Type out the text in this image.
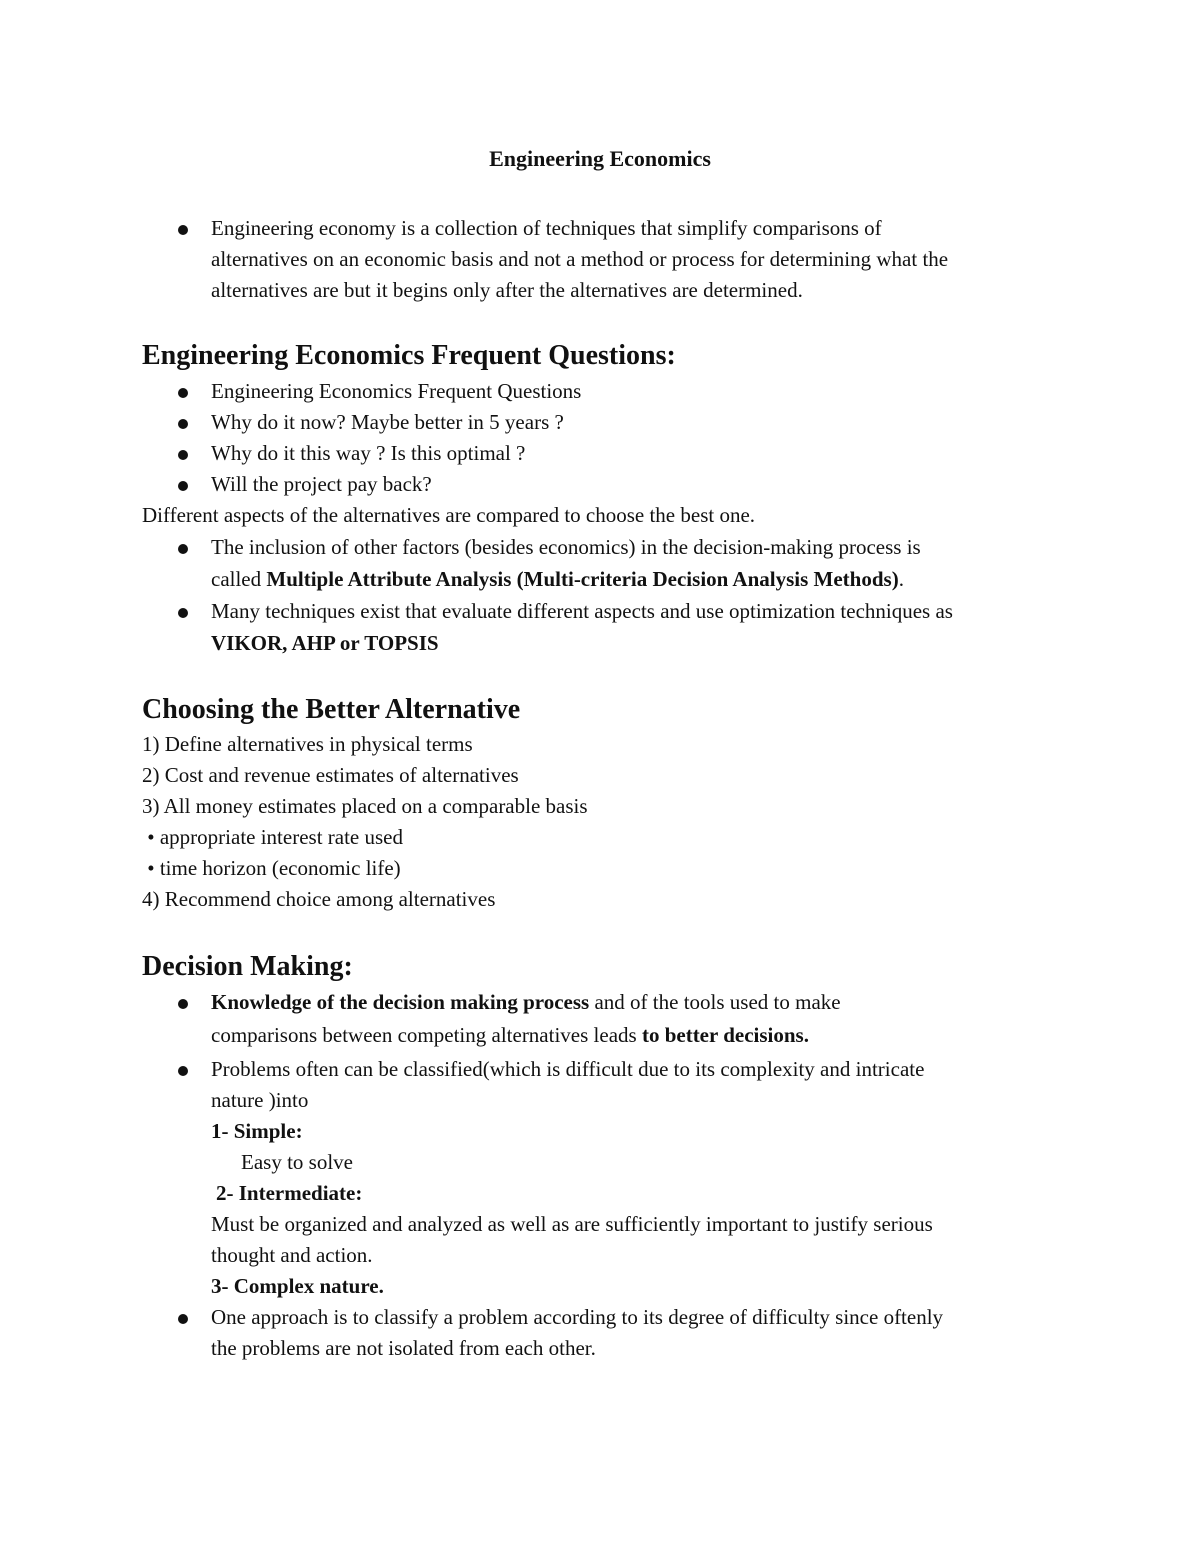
Engineering Economics
Engineering economy is a collection of techniques that simplify comparisons of
alternatives on an economic basis and not a method or process for determining what the
alternatives are but it begins only after the alternatives are determined.
Engineering Economics Frequent Questions:
Engineering Economics Frequent Questions
Why do it now? Maybe better in 5 years ?
Why do it this way ? Is this optimal ?
Will the project pay back?
Different aspects of the alternatives are compared to choose the best one.
The inclusion of other factors (besides economics) in the decision-making process is
called Multiple Attribute Analysis (Multi-criteria Decision Analysis Methods).
Many techniques exist that evaluate different aspects and use optimization techniques as
VIKOR, AHP or TOPSIS
Choosing the Better Alternative
1) Define alternatives in physical terms
2) Cost and revenue estimates of alternatives
3) All money estimates placed on a comparable basis
• appropriate interest rate used
• time horizon (economic life)
4) Recommend choice among alternatives
Decision Making:
Knowledge of the decision making process and of the tools used to make
comparisons between competing alternatives leads to better decisions.
Problems often can be classified(which is difficult due to its complexity and intricate
nature )into
1- Simple:
Easy to solve
2- Intermediate:
Must be organized and analyzed as well as are sufficiently important to justify serious
thought and action.
3- Complex nature.
One approach is to classify a problem according to its degree of difficulty since oftenly
the problems are not isolated from each other.
